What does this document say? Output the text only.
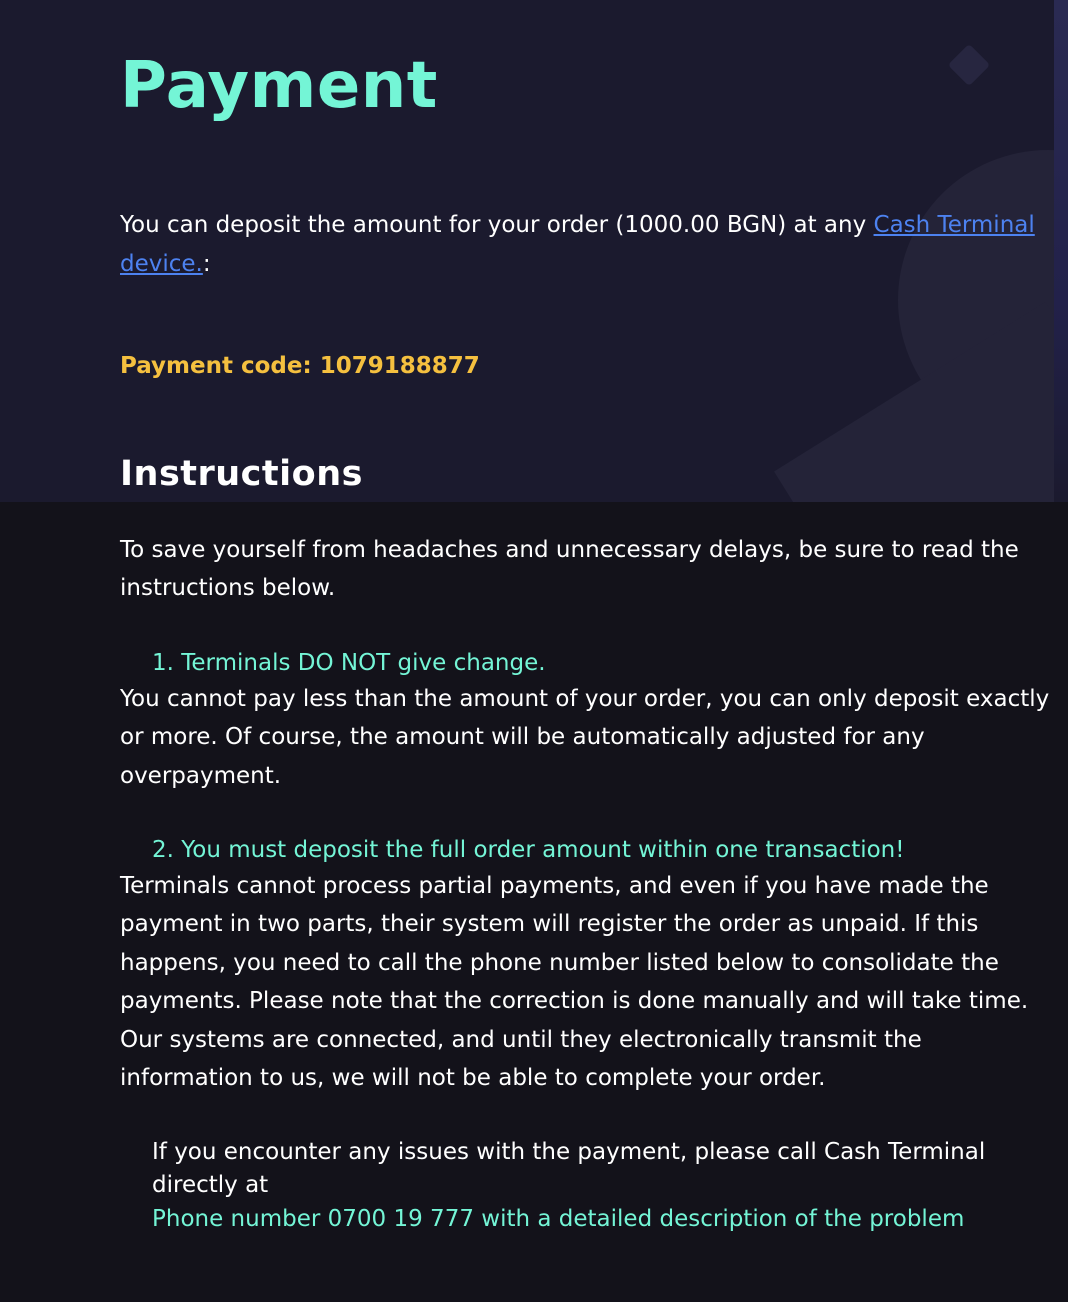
Payment

You can deposit the amount for your order (1000.00 BGN) at any Cash Terminal device.:

Payment code: 1079188877

Instructions

To save yourself from headaches and unnecessary delays, be sure to read the instructions below.

1. Terminals DO NOT give change.

You cannot pay less than the amount of your order, you can only deposit exactly or more. Of course, the amount will be automatically adjusted for any overpayment.

2. You must deposit the full order amount within one transaction!

Terminals cannot process partial payments, and even if you have made the payment in two parts, their system will register the order as unpaid. If this happens, you need to call the phone number listed below to consolidate the payments. Please note that the correction is done manually and will take time. Our systems are connected, and until they electronically transmit the information to us, we will not be able to complete your order.

If you encounter any issues with the payment, please call Cash Terminal directly at

Phone number 0700 19 777 with a detailed description of the problem
